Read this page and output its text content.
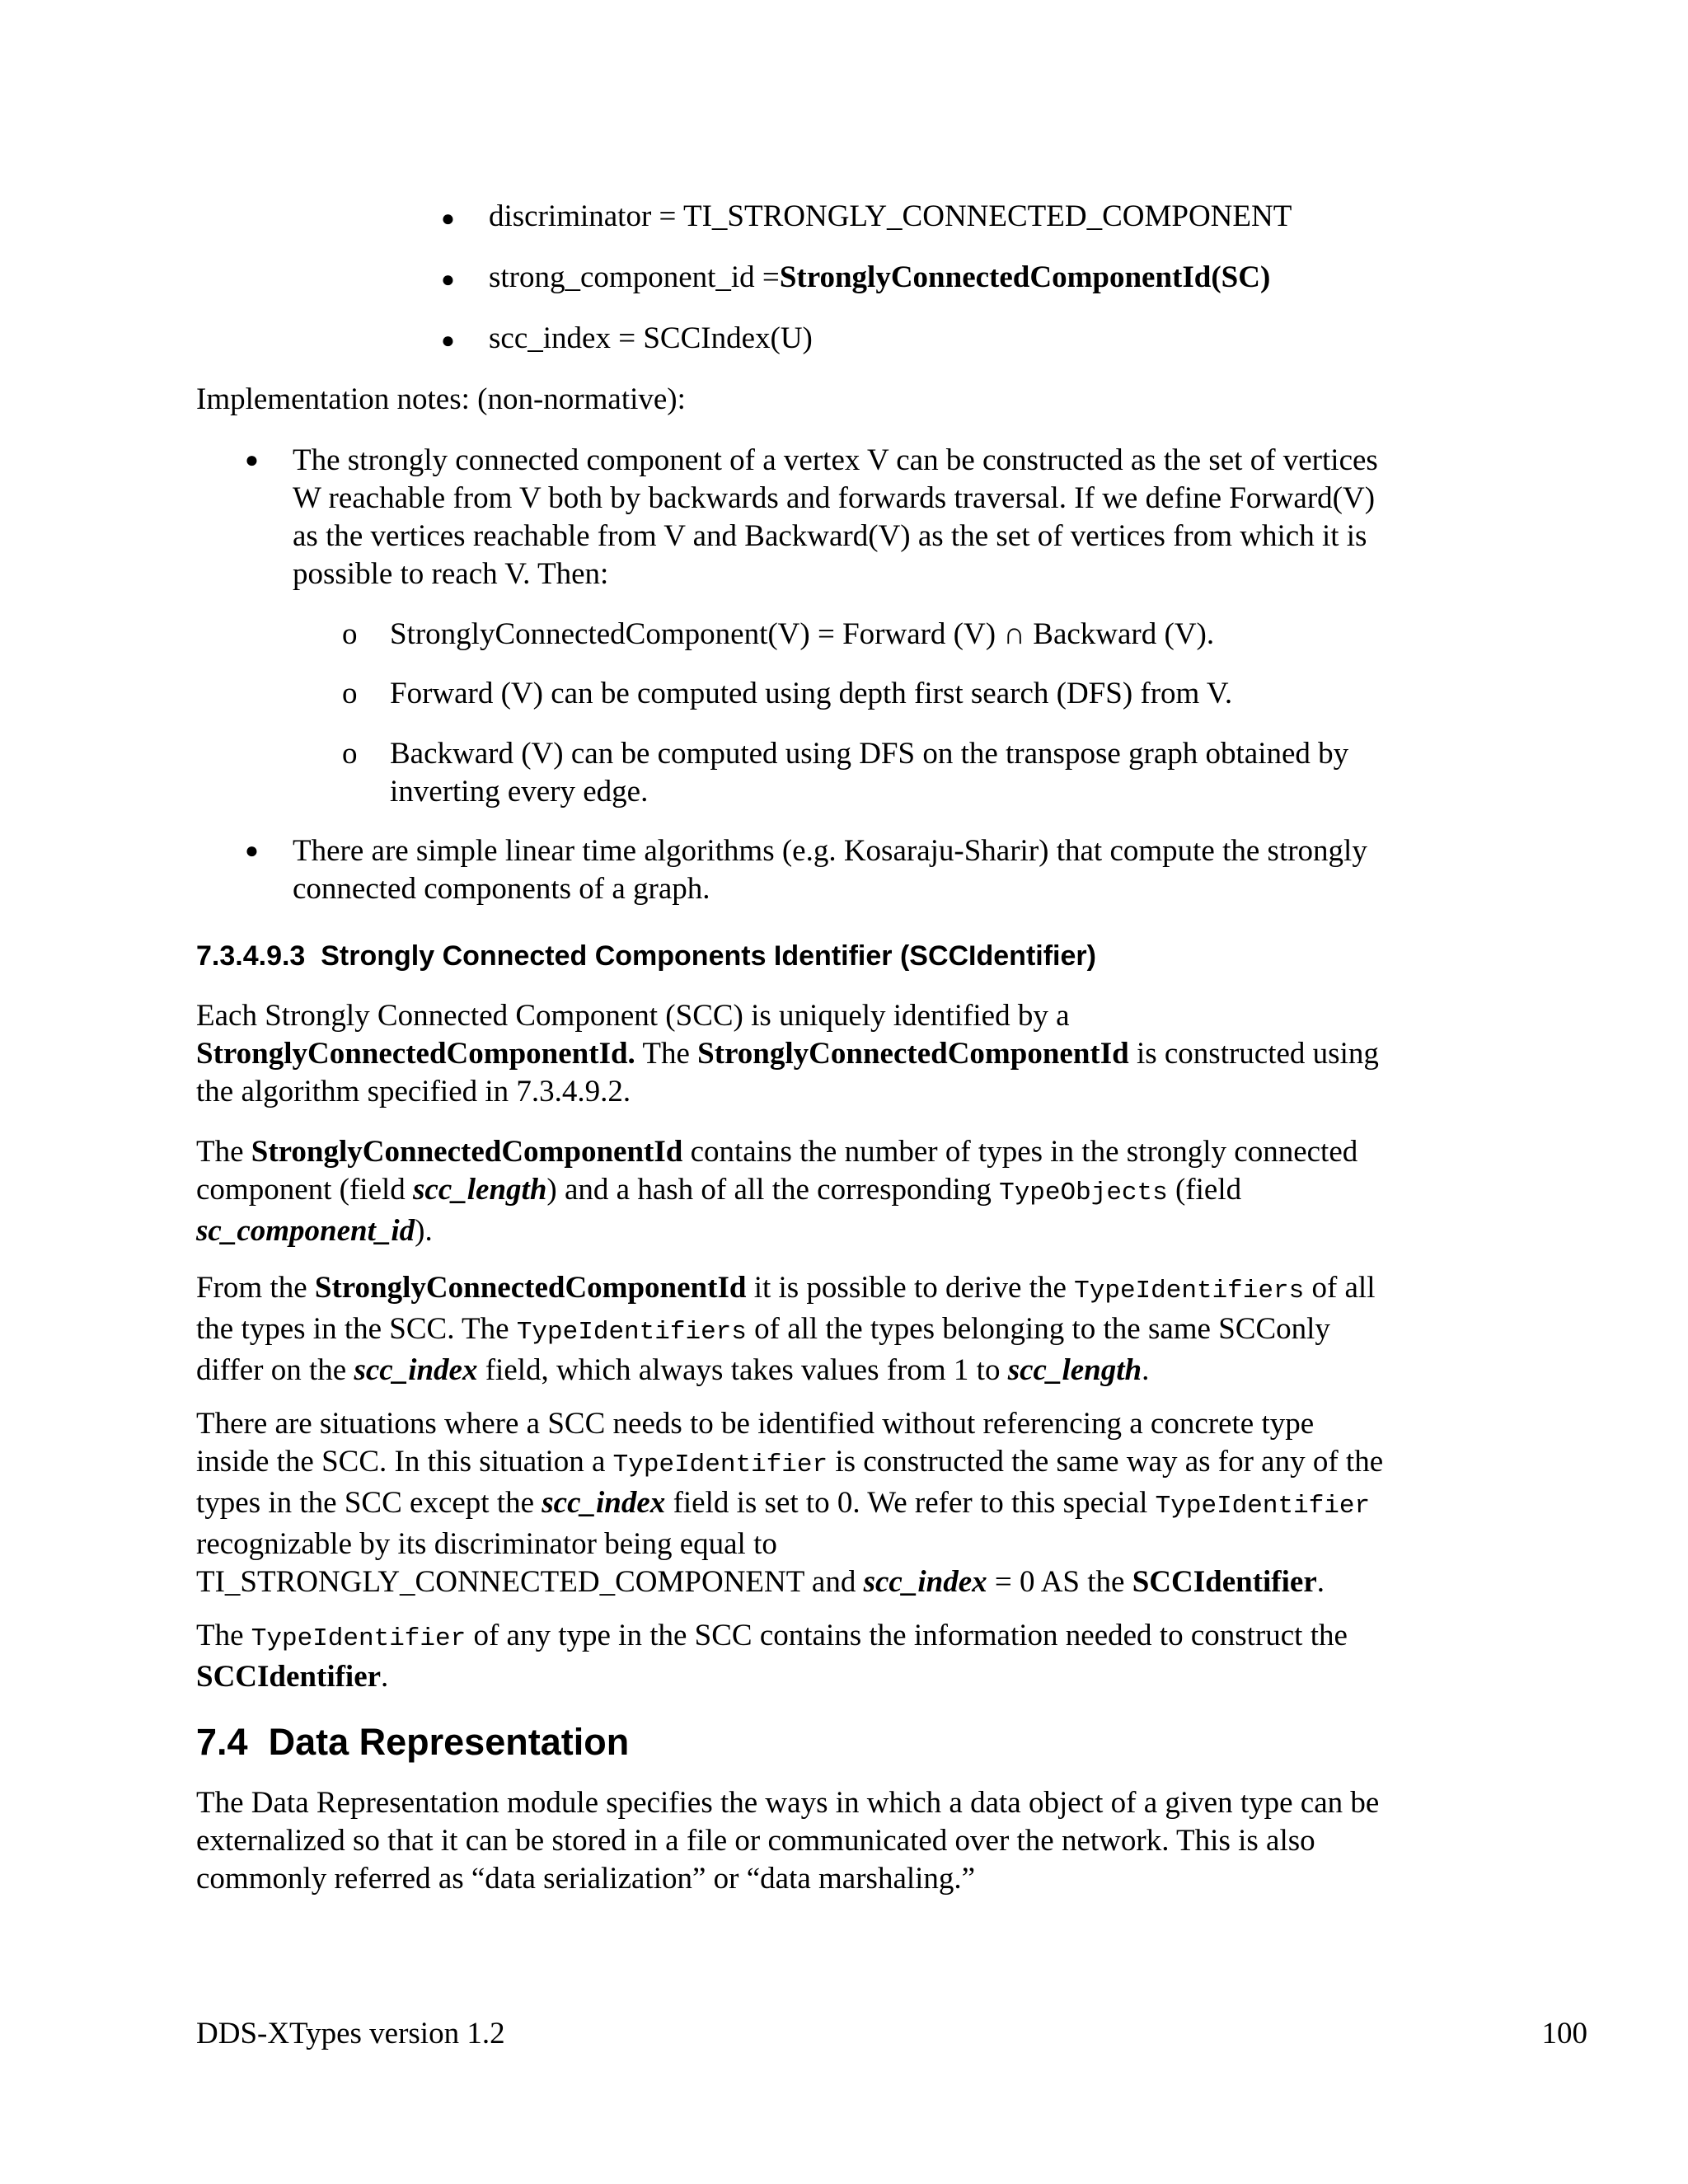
●	discriminator = TI_STRONGLY_CONNECTED_COMPONENT
●	strong_component_id = StronglyConnectedComponentId(SC)
●	scc_index = SCCIndex(U)

Implementation notes: (non-normative):

●	The strongly connected component of a vertex V can be constructed as the set of vertices
W reachable from V both by backwards and forwards traversal. If we define Forward(V)
as the vertices reachable from V and Backward(V) as the set of vertices from which it is
possible to reach V. Then:
o	StronglyConnectedComponent(V) = Forward (V) ∩ Backward (V).
o	Forward (V) can be computed using depth first search (DFS) from V.
o	Backward (V) can be computed using DFS on the transpose graph obtained by
inverting every edge.
●	There are simple linear time algorithms (e.g. Kosaraju-Sharir) that compute the strongly
connected components of a graph.
7.3.4.9.3 Strongly Connected Components Identifier (SCCIdentifier)
Each Strongly Connected Component (SCC) is uniquely identified by a
StronglyConnectedComponentId. The StronglyConnectedComponentId is constructed using
the algorithm specified in 7.3.4.9.2.
The StronglyConnectedComponentId contains the number of types in the strongly connected
component (field scc_length) and a hash of all the corresponding TypeObjects (field
sc_component_id).
From the StronglyConnectedComponentId it is possible to derive the TypeIdentifiers of all
the types in the SCC. The TypeIdentifiers of all the types belonging to the same SCConly
differ on the scc_index field, which always takes values from 1 to scc_length.
There are situations where a SCC needs to be identified without referencing a concrete type
inside the SCC. In this situation a TypeIdentifier is constructed the same way as for any of the
types in the SCC except the scc_index field is set to 0. We refer to this special TypeIdentifier
recognizable by its discriminator being equal to
TI_STRONGLY_CONNECTED_COMPONENT and scc_index = 0 AS the SCCIdentifier.
The TypeIdentifier of any type in the SCC contains the information needed to construct the
SCCIdentifier.
7.4 Data Representation
The Data Representation module specifies the ways in which a data object of a given type can be
externalized so that it can be stored in a file or communicated over the network. This is also
commonly referred as “data serialization” or “data marshaling.”

DDS-XTypes version 1.2	100
